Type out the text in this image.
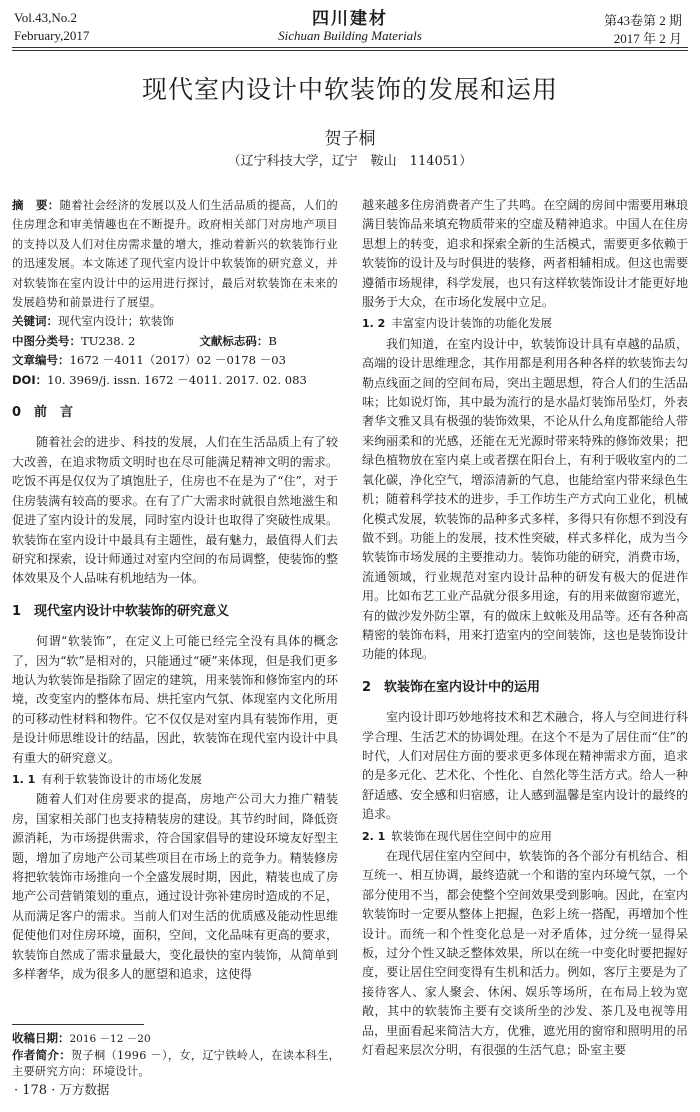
Vol.43,No.2
February,2017
四川建材
Sichuan Building Materials
第43卷第 2 期
2017 年 2 月
现代室内设计中软装饰的发展和运用
贺子桐
（辽宁科技大学，辽宁　鞍山　114051）

摘　要：随着社会经济的发展以及人们生活品质的提高，人们的住房理念和审美情趣也在不断提升。政府相关部门对房地产项目的支持以及人们对住房需求量的增大，推动着新兴的软装饰行业的迅速发展。本文陈述了现代室内设计中软装饰的研究意义，并对软装饰在室内设计中的运用进行探讨，最后对软装饰在未来的发展趋势和前景进行了展望。

关键词：现代室内设计；软装饰

中图分类号：TU238. 2	文献标志码：B

文章编号：1672 －4011（2017）02 －0178 －03

DOI：10. 3969/j. issn. 1672 －4011. 2017. 02. 083

0　前　言

随着社会的进步、科技的发展，人们在生活品质上有了较大改善，在追求物质文明时也在尽可能满足精神文明的需求。吃饭不再是仅仅为了填饱肚子，住房也不在是为了“住”，对于住房装满有较高的要求。在有了广大需求时就很自然地滋生和促进了室内设计的发展，同时室内设计也取得了突破性成果。软装饰在室内设计中最具有主题性，最有魅力，最值得人们去研究和探索，设计师通过对室内空间的布局调整，使装饰的整体效果及个人品味有机地结为一体。

1　现代室内设计中软装饰的研究意义

何谓“软装饰”，在定义上可能已经完全没有具体的概念了，因为“软”是相对的，只能通过“硬”来体现，但是我们更多地认为软装饰是指除了固定的建筑，用来装饰和修饰室内的环境，改变室内的整体布局、烘托室内气氛、体现室内文化所用的可移动性材料和物件。它不仅仅是对室内具有装饰作用，更是设计师思维设计的结晶，因此，软装饰在现代室内设计中具有重大的研究意义。

1. 1 有利于软装饰设计的市场化发展

随着人们对住房要求的提高，房地产公司大力推广精装房，国家相关部门也支持精装房的建设。其节约时间，降低资源消耗，为市场提供需求，符合国家倡导的建设环境友好型主题，增加了房地产公司某些项目在市场上的竞争力。精装修房将把软装饰市场推向一个全盛发展时期，因此，精装也成了房地产公司营销策划的重点，通过设计弥补建房时造成的不足，从而满足客户的需求。当前人们对生活的优质感及能动性思维促使他们对住房环境，面积，空间，文化品味有更高的要求，软装饰自然成了需求量最大，变化最快的室内装饰，从简单到多样奢华，成为很多人的愿望和追求，这使得

越来越多住房消费者产生了共鸣。在空阔的房间中需要用琳琅满目装饰品来填充物质带来的空虚及精神追求。中国人在住房思想上的转变，追求和探索全新的生活模式，需要更多依赖于软装饰的设计及与时俱进的装修，两者相辅相成。但这也需要遵循市场规律，科学发展，也只有这样软装饰设计才能更好地服务于大众，在市场化发展中立足。

1. 2 丰富室内设计装饰的功能化发展

我们知道，在室内设计中，软装饰设计具有卓越的品质，高端的设计思维理念，其作用都是利用各种各样的软装饰去勾勒点线面之间的空间布局，突出主题思想，符合人们的生活品味；比如说灯饰，其中最为流行的是水晶灯装饰吊坠灯，外表奢华文雅又具有极强的装饰效果，不论从什么角度都能给人带来绚丽柔和的光感，还能在无光源时带来特殊的修饰效果；把绿色植物放在室内桌上或者摆在阳台上，有利于吸收室内的二氧化碳，净化空气，增添清新的气息，也能给室内带来绿色生机；随着科学技术的进步，手工作坊生产方式向工业化，机械化模式发展，软装饰的品种多式多样，多得只有你想不到没有做不到。功能上的发展，技术性突破，样式多样化，成为当今软装饰市场发展的主要推动力。装饰功能的研究，消费市场，流通领域，行业规范对室内设计品种的研发有极大的促进作用。比如布艺工业产品就分很多用途，有的用来做窗帘遮光，有的做沙发外防尘罩，有的做床上蚊帐及用品等。还有各种高精密的装饰布料，用来打造室内的空间装饰，这也是装饰设计功能的体现。

2　软装饰在室内设计中的运用

室内设计即巧妙地将技术和艺术融合，将人与空间进行科学合理、生活艺术的协调处理。在这个不是为了居住而“住”的时代，人们对居住方面的要求更多体现在精神需求方面，追求的是多元化、艺术化、个性化、自然化等生活方式。给人一种舒适感、安全感和归宿感，让人感到温馨是室内设计的最终的追求。

2. 1 软装饰在现代居住空间中的应用

在现代居住室内空间中，软装饰的各个部分有机结合、相互统一、相互协调，最终造就一个和谐的室内环境气氛，一个部分使用不当，都会使整个空间效果受到影响。因此，在室内软装饰时一定要从整体上把握，色彩上统一搭配，再增加个性设计。而统一和个性变化总是一对矛盾体，过分统一显得呆板，过分个性又缺乏整体效果，所以在统一中变化时要把握好度，要让居住空间变得有生机和活力。例如，客厅主要是为了接待客人、家人聚会、休闲、娱乐等场所，在布局上较为宽敞，其中的软装饰主要有交谈所坐的沙发、茶几及电视等用品，里面看起来简洁大方，优雅，遮光用的窗帘和照明用的吊灯看起来层次分明，有很强的生活气息；卧室主要

收稿日期：2016 －12 －20
作者简介：贺子桐（1996 －），女，辽宁铁岭人，在读本科生，主要研究方向：环境设计。
· 178 · 万方数据
